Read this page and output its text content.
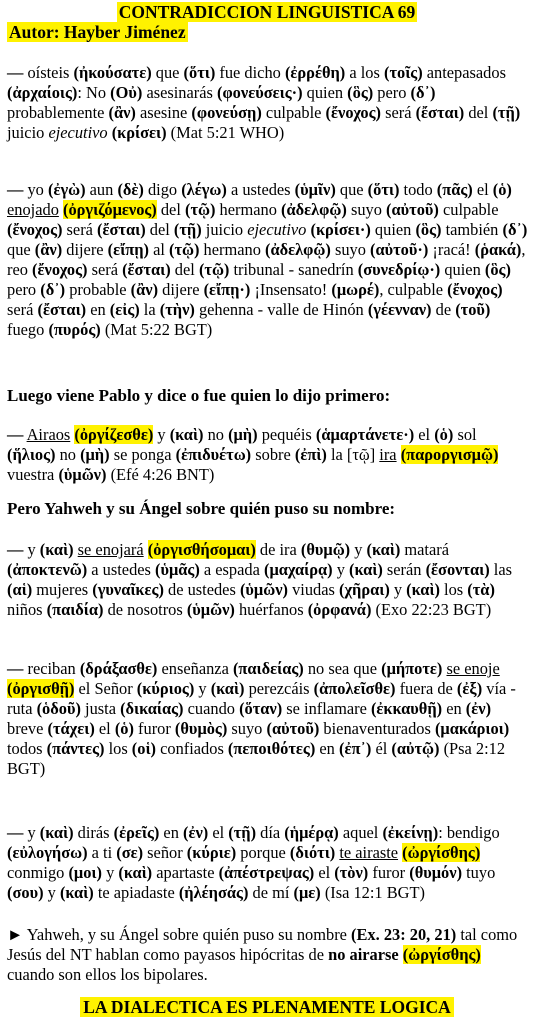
CONTRADICCION LINGUISTICA 69
Autor: Hayber Jiménez
— oísteis (ἠκούσατε) que (ὅτι) fue dicho (ἐρρέθη) a los (τοῖς) antepasados (ἀρχαίοις): No (Οὐ) asesinarás (φονεύσεις·) quien (ὃς) pero (δ᾽) probablemente (ἂν) asesine (φονεύσῃ) culpable (ἔνοχος) será (ἔσται) del (τῇ) juicio ejecutivo (κρίσει) (Mat 5:21 WHO)
— yo (ἐγὼ) aun (δὲ) digo (λέγω) a ustedes (ὑμῖν) que (ὅτι) todo (πᾶς) el (ὁ) enojado (ὀργιζόμενος) del (τῷ) hermano (ἀδελφῷ) suyo (αὐτοῦ) culpable (ἔνοχος) será (ἔσται) del (τῇ) juicio ejecutivo (κρίσει·) quien (ὃς) también (δ᾽) que (ἂν) dijere (εἴπῃ) al (τῷ) hermano (ἀδελφῷ) suyo (αὐτοῦ·) ¡racá! (ῥακά), reo (ἔνοχος) será (ἔσται) del (τῷ) tribunal - sanedrín (συνεδρίῳ·) quien (ὃς) pero (δ᾽) probable (ἂν) dijere (εἴπῃ·) ¡Insensato! (μωρέ), culpable (ἔνοχος) será (ἔσται) en (εἰς) la (τὴν) gehenna - valle de Hinón (γέενναν) de (τοῦ) fuego (πυρός) (Mat 5:22 BGT)
Luego viene Pablo y dice o fue quien lo dijo primero:
— Airaos (ὀργίζεσθε) y (καὶ) no (μὴ) pequéis (ἁμαρτάνετε·) el (ὁ) sol (ἥλιος) no (μὴ) se ponga (ἐπιδυέτω) sobre (ἐπὶ) la [τῷ] ira (παροργισμῷ) vuestra (ὑμῶν) (Efé 4:26 BNT)
Pero Yahweh y su Ángel sobre quién puso su nombre:
— y (καὶ) se enojará (ὀργισθήσομαι) de ira (θυμῷ) y (καὶ) matará (ἀποκτενῶ) a ustedes (ὑμᾶς) a espada (μαχαίρᾳ) y (καὶ) serán (ἔσονται) las (αἱ) mujeres (γυναῖκες) de ustedes (ὑμῶν) viudas (χῆραι) y (καὶ) los (τὰ) niños (παιδία) de nosotros (ὑμῶν) huérfanos (ὀρφανά) (Exo 22:23 BGT)
— reciban (δράξασθε) enseñanza (παιδείας) no sea que (μήποτε) se enoje (ὀργισθῇ) el Señor (κύριος) y (καὶ) perezcáis (ἀπολεῖσθε) fuera de (ἐξ) vía - ruta (ὁδοῦ) justa (δικαίας) cuando (ὅταν) se inflamare (ἐκκαυθῇ) en (ἐν) breve (τάχει) el (ὁ) furor (θυμὸς) suyo (αὐτοῦ) bienaventurados (μακάριοι) todos (πάντες) los (οἱ) confiados (πεποιθότες) en (ἐπ᾽) él (αὐτῷ) (Psa 2:12 BGT)
— y (καὶ) dirás (ἐρεῖς) en (ἐν) el (τῇ) día (ἡμέρᾳ) aquel (ἐκείνῃ): bendigo (εὐλογήσω) a ti (σε) señor (κύριε) porque (διότι) te airaste (ὠργίσθης) conmigo (μοι) y (καὶ) apartaste (ἀπέστρεψας) el (τὸν) furor (θυμόν) tuyo (σου) y (καὶ) te apiadaste (ἠλέησάς) de mí (με) (Isa 12:1 BGT)
► Yahweh, y su Ángel sobre quién puso su nombre (Ex. 23: 20, 21) tal como Jesús del NT hablan como payasos hipócritas de no airarse (ὠργίσθης) cuando son ellos los bipolares.
LA DIALECTICA ES PLENAMENTE LOGICA
